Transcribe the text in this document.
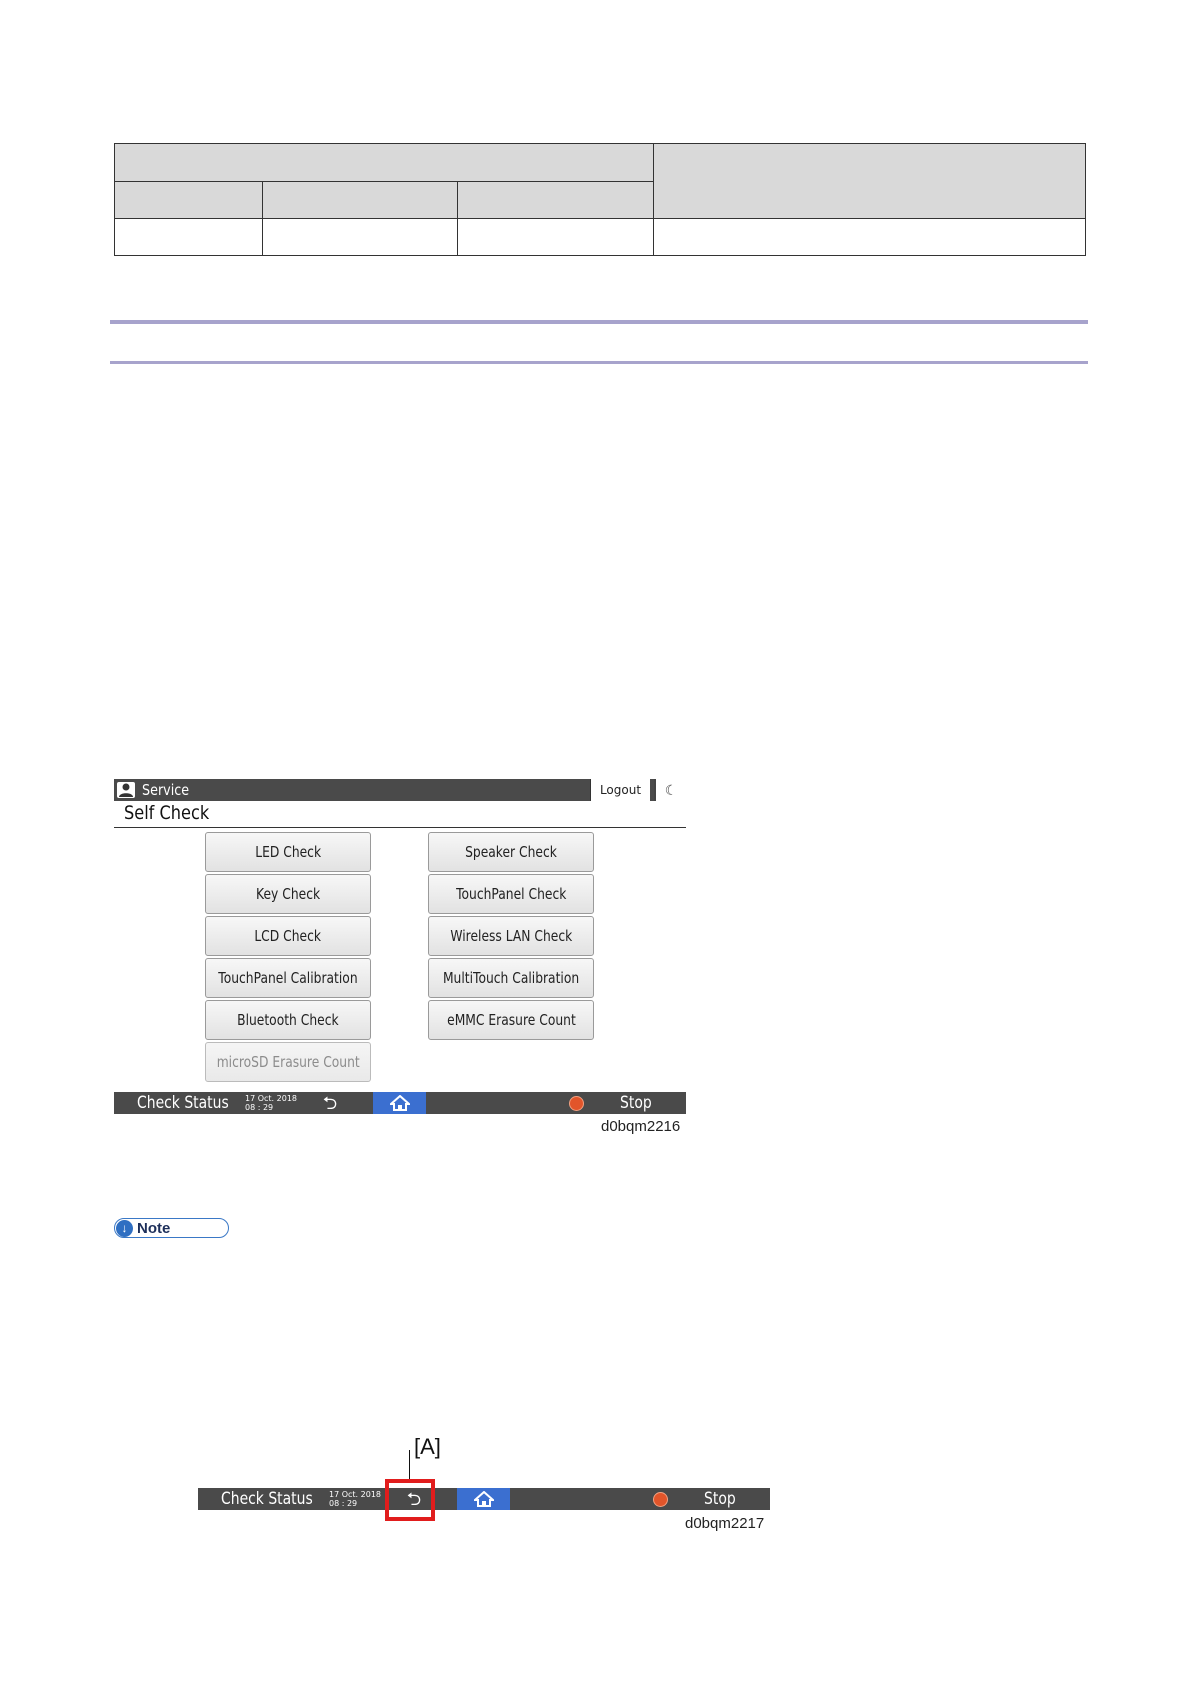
Service	Logout	☾
Self Check
LED Check
Key Check
LCD Check
TouchPanel Calibration
Bluetooth Check
microSD Erasure Count
Speaker Check
TouchPanel Check
Wireless LAN Check
MultiTouch Calibration
eMMC Erasure Count
Check Status 17 Oct. 2018
08 : 29	⮌	Stop
d0bqm2216
↓ Note
[A]
Check Status 17 Oct. 2018
08 : 29	⮌	Stop
d0bqm2217
